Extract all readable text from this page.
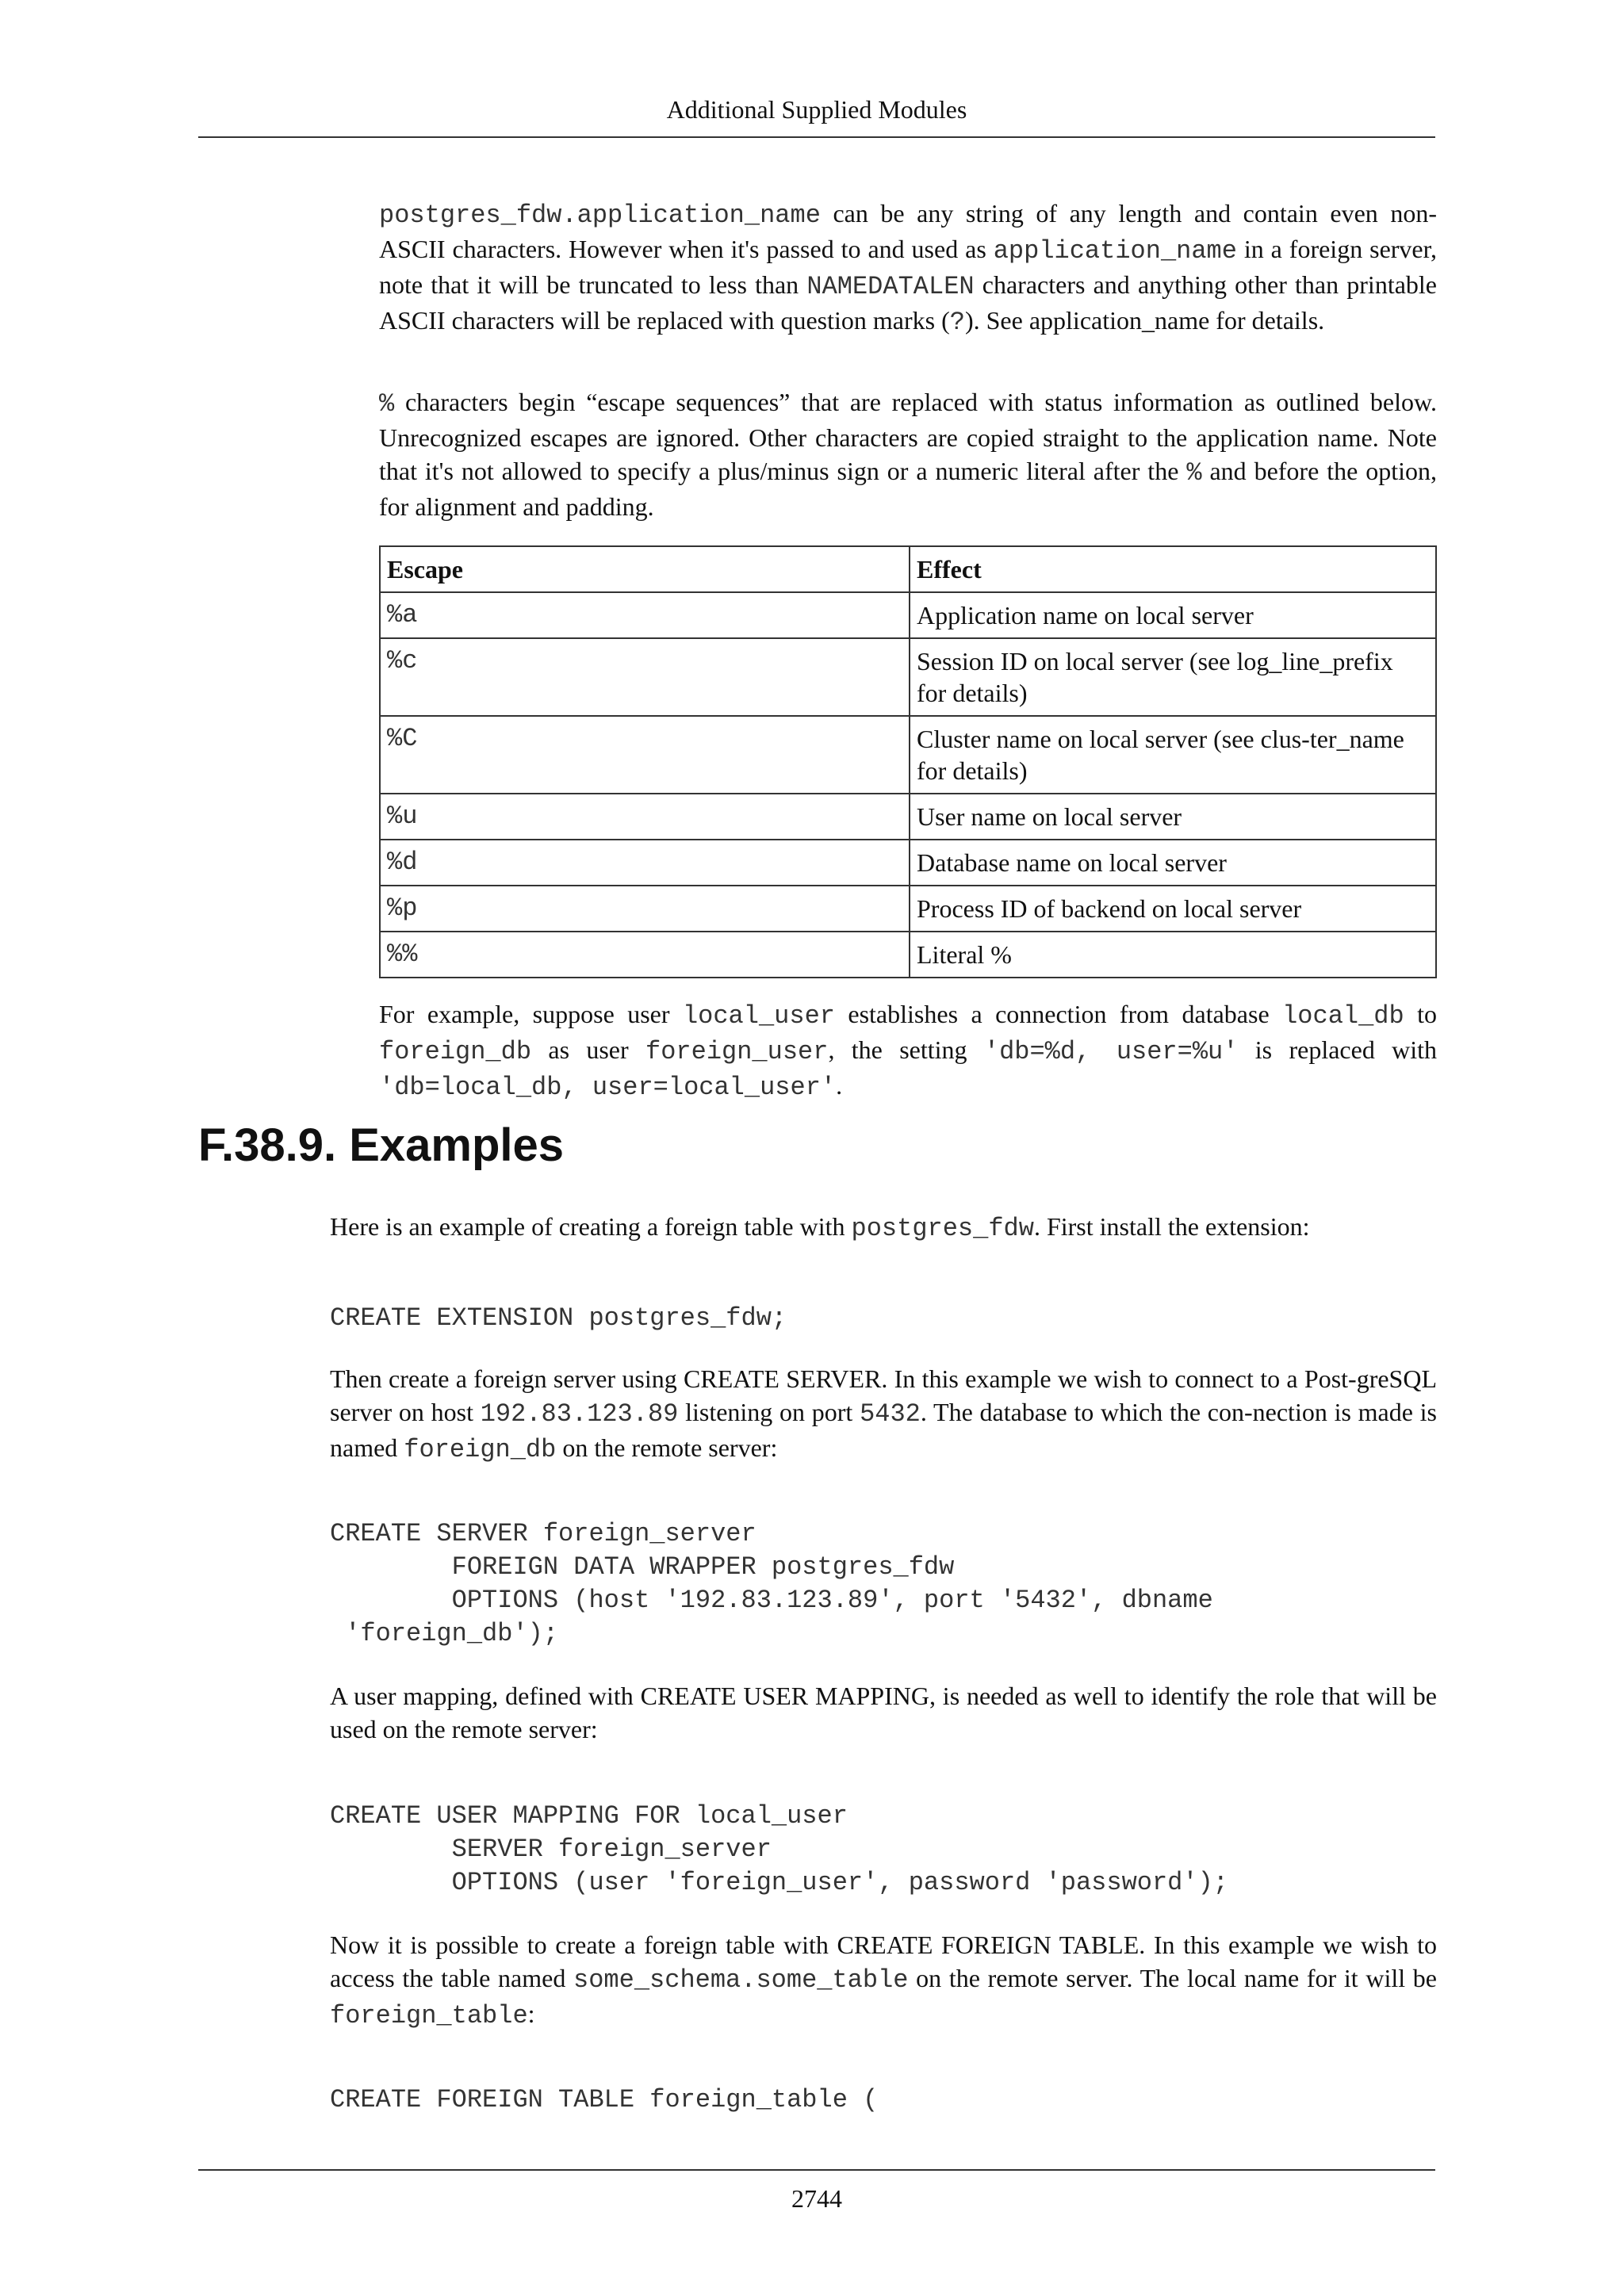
Additional Supplied Modules

postgres_fdw.application_name can be any string of any length and contain even non-ASCII characters. However when it's passed to and used as application_name in a foreign server, note that it will be truncated to less than NAMEDATALEN characters and anything other than printable ASCII characters will be replaced with question marks (?). See application_name for details.

% characters begin “escape sequences” that are replaced with status information as outlined below. Unrecognized escapes are ignored. Other characters are copied straight to the application name. Note that it's not allowed to specify a plus/minus sign or a numeric literal after the % and before the option, for alignment and padding.

Escape	Effect
%a	Application name on local server
%c	Session ID on local server (see log_line_prefix for details)
%C	Cluster name on local server (see clus-ter_name for details)
%u	User name on local server
%d	Database name on local server
%p	Process ID of backend on local server
%%	Literal %

For example, suppose user local_user establishes a connection from database local_db to foreign_db as user foreign_user, the setting 'db=%d, user=%u' is replaced with 'db=local_db, user=local_user'.

F.38.9. Examples

Here is an example of creating a foreign table with postgres_fdw. First install the extension:

CREATE EXTENSION postgres_fdw;

Then create a foreign server using CREATE SERVER. In this example we wish to connect to a Post-greSQL server on host 192.83.123.89 listening on port 5432. The database to which the con-nection is made is named foreign_db on the remote server:

CREATE SERVER foreign_server
FOREIGN DATA WRAPPER postgres_fdw
OPTIONS (host '192.83.123.89', port '5432', dbname
'foreign_db');

A user mapping, defined with CREATE USER MAPPING, is needed as well to identify the role that will be used on the remote server:

CREATE USER MAPPING FOR local_user
SERVER foreign_server
OPTIONS (user 'foreign_user', password 'password');

Now it is possible to create a foreign table with CREATE FOREIGN TABLE. In this example we wish to access the table named some_schema.some_table on the remote server. The local name for it will be foreign_table:

CREATE FOREIGN TABLE foreign_table (
2744
